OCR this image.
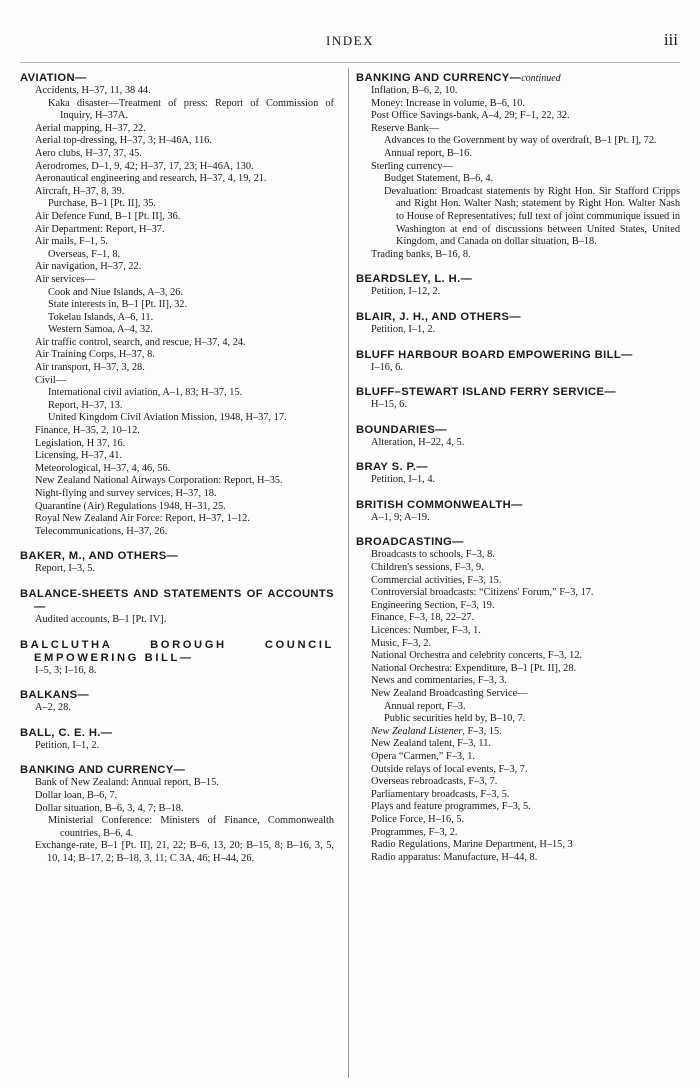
INDEX	iii
AVIATION—
Accidents, H–37, 11, 38 44.
Kaka disaster—Treatment of press: Report of Commission of Inquiry, H–37A.
Aerial mapping, H–37, 22.
Aerial top-dressing, H–37, 3; H–46A, 116.
Aero clubs, H–37, 37, 45.
Aerodromes, D–1, 9, 42; H–37, 17, 23; H–46A, 130.
Aeronautical engineering and research, H–37, 4, 19, 21.
Aircraft, H–37, 8, 39.
Purchase, B–1 [Pt. II], 35.
Air Defence Fund, B–1 [Pt. II], 36.
Air Department: Report, H–37.
Air mails, F–1, 5.
Overseas, F–1, 8.
Air navigation, H–37, 22.
Air services—
Cook and Niue Islands, A–3, 26.
State interests in, B–1 [Pt. II], 32.
Tokelau Islands, A–6, 11.
Western Samoa, A–4, 32.
Air traffic control, search, and rescue, H–37, 4, 24.
Air Training Corps, H–37, 8.
Air transport, H–37, 3, 28.
Civil—
International civil aviation, A–1, 83; H–37, 15.
Report, H–37, 13.
United Kingdom Civil Aviation Mission, 1948, H–37, 17.
Finance, H–35, 2, 10–12.
Legislation, H 37, 16.
Licensing, H–37, 41.
Meteorological, H–37, 4, 46, 56.
New Zealand National Airways Corporation: Report, H–35.
Night-flying and survey services, H–37, 18.
Quarantine (Air) Regulations 1948, H–31, 25.
Royal New Zealand Air Force: Report, H–37, 1–12.
Telecommunications, H–37, 26.
BAKER, M., AND OTHERS—
Report, I–3, 5.
BALANCE-SHEETS AND STATEMENTS OF ACCOUNTS—
Audited accounts, B–1 [Pt. IV].
BALCLUTHA BOROUGH COUNCIL EMPOWERING BILL—
I–5, 3; I–16, 8.
BALKANS—
A–2, 28.
BALL, C. E. H.—
Petition, I–1, 2.
BANKING AND CURRENCY—
Bank of New Zealand: Annual report, B–15.
Dollar loan, B–6, 7.
Dollar situation, B–6, 3, 4, 7; B–18.
Ministerial Conference: Ministers of Finance, Commonwealth countries, B–6, 4.
Exchange-rate, B–1 [Pt. II], 21, 22; B–6, 13, 20; B–15, 8; B–16, 3, 5, 10, 14; B–17, 2; B–18, 3, 11; C 3A, 46; H–44, 26.
BANKING AND CURRENCY—continued
Inflation, B–6, 2, 10.
Money: Increase in volume, B–6, 10.
Post Office Savings-bank, A–4, 29; F–1, 22, 32.
Reserve Bank—
Advances to the Government by way of overdraft, B–1 [Pt. I], 72.
Annual report, B–16.
Sterling currency—
Budget Statement, B–6, 4.
Devaluation: Broadcast statements by Right Hon. Sir Stafford Cripps and Right Hon. Walter Nash; statement by Right Hon. Walter Nash to House of Representatives; full text of joint communique issued in Washington at end of discussions between United States, United Kingdom, and Canada on dollar situation, B–18.
Trading banks, B–16, 8.
BEARDSLEY, L. H.—
Petition, I–12, 2.
BLAIR, J. H., AND OTHERS—
Petition, I–1, 2.
BLUFF HARBOUR BOARD EMPOWERING BILL—
I–16, 6.
BLUFF–STEWART ISLAND FERRY SERVICE—
H–15, 6.
BOUNDARIES—
Alteration, H–22, 4, 5.
BRAY S. P.—
Petition, I–1, 4.
BRITISH COMMONWEALTH—
A–1, 9; A–19.
BROADCASTING—
Broadcasts to schools, F–3, 8.
Children's sessions, F–3, 9.
Commercial activities, F–3, 15.
Controversial broadcasts: “Citizens' Forum,” F–3, 17.
Engineering Section, F–3, 19.
Finance, F–3, 18, 22–27.
Licences: Number, F–3, 1.
Music, F–3, 2.
National Orchestra and celebrity concerts, F–3, 12.
National Orchestra: Expenditure, B–1 [Pt. II], 28.
News and commentaries, F–3, 3.
New Zealand Broadcasting Service—
Annual report, F–3.
Public securities held by, B–10, 7.
New Zealand Listener, F–3, 15.
New Zealand talent, F–3, 11.
Opera “Carmen,” F–3, 1.
Outside relays of local events, F–3, 7.
Overseas rebroadcasts, F–3, 7.
Parliamentary broadcasts, F–3, 5.
Plays and feature programmes, F–3, 5.
Police Force, H–16, 5.
Programmes, F–3, 2.
Radio Regulations, Marine Department, H–15, 3
Radio apparatus: Manufacture, H–44, 8.
